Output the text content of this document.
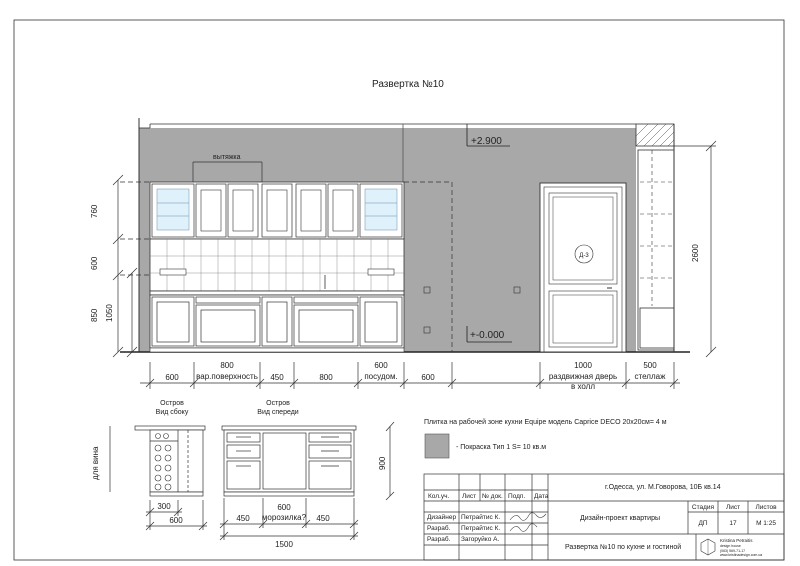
Развертка №10
вытяжка
+2.900
+-0.000
Д-3
760
600
850 1050
2600
600
800
вар.поверхность 450	800
600
посудом.	600
1000
раздвижная дверь
в холл
500
стеллаж
Остров
Вид сбоку
Остров
Вид спереди
для вина
300
600
900
450
600
морозилка? 450
1500
Плитка на рабочей зоне кухни Equipe модель Caprice DECO 20х20см= 4 м
- Покраска Тип 1 S= 10 кв.м
Кол.уч. Лист № док. Подп. Дата
Дизайнер Петрайтис К.
Разраб. Петрайтис К.
Разраб. Загоруйко А.
г.Одесса, ул. М.Говорова, 10Б кв.14
Дизайн-проект квартиры
Развертка №10 по кухне и гостиной
Стадия Лист Листов
ДП	17	М 1:25
Kristina Petraitis
design house
(063) 569-71-17
www.kristinadesign.com.ua
